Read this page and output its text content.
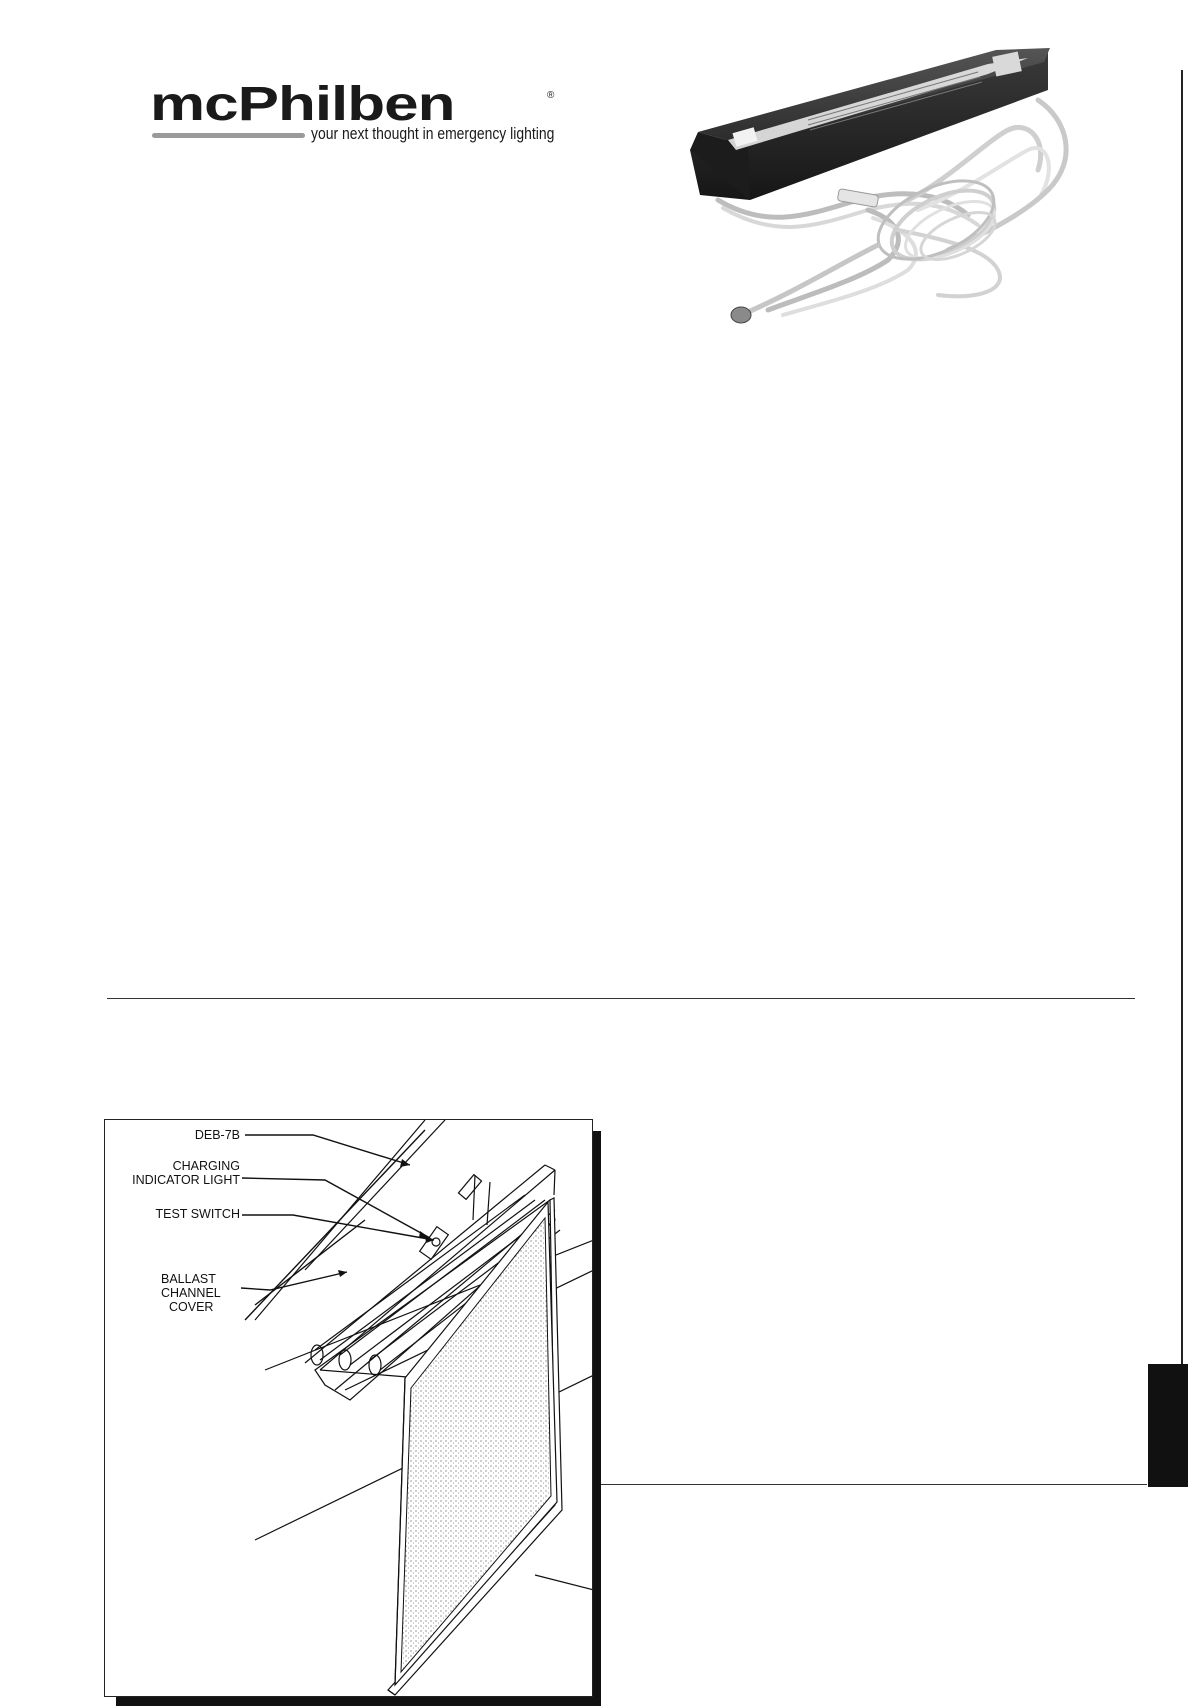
mcPhilben	®
your next thought in emergency lighting
DEB-7B
CHARGING
INDICATOR LIGHT
TEST SWITCH
BALLAST
CHANNEL
COVER
